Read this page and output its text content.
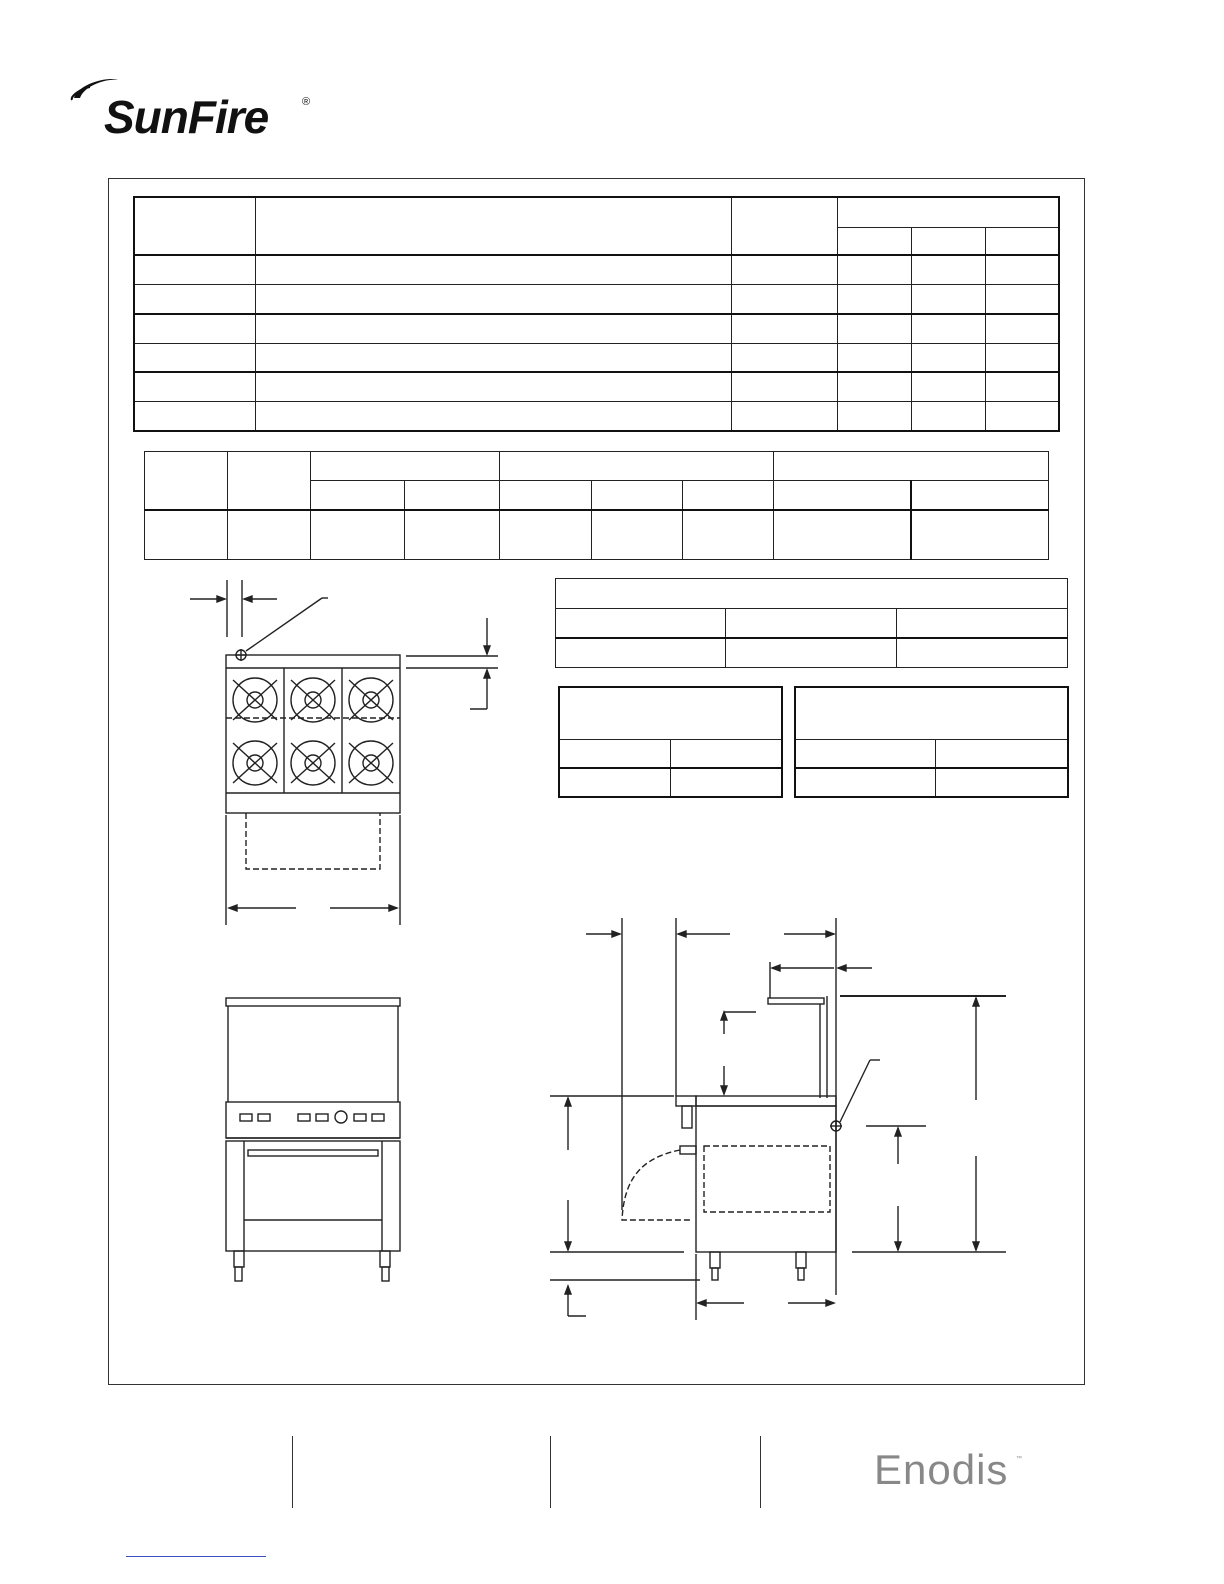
SunFire	®

Enodis ™
